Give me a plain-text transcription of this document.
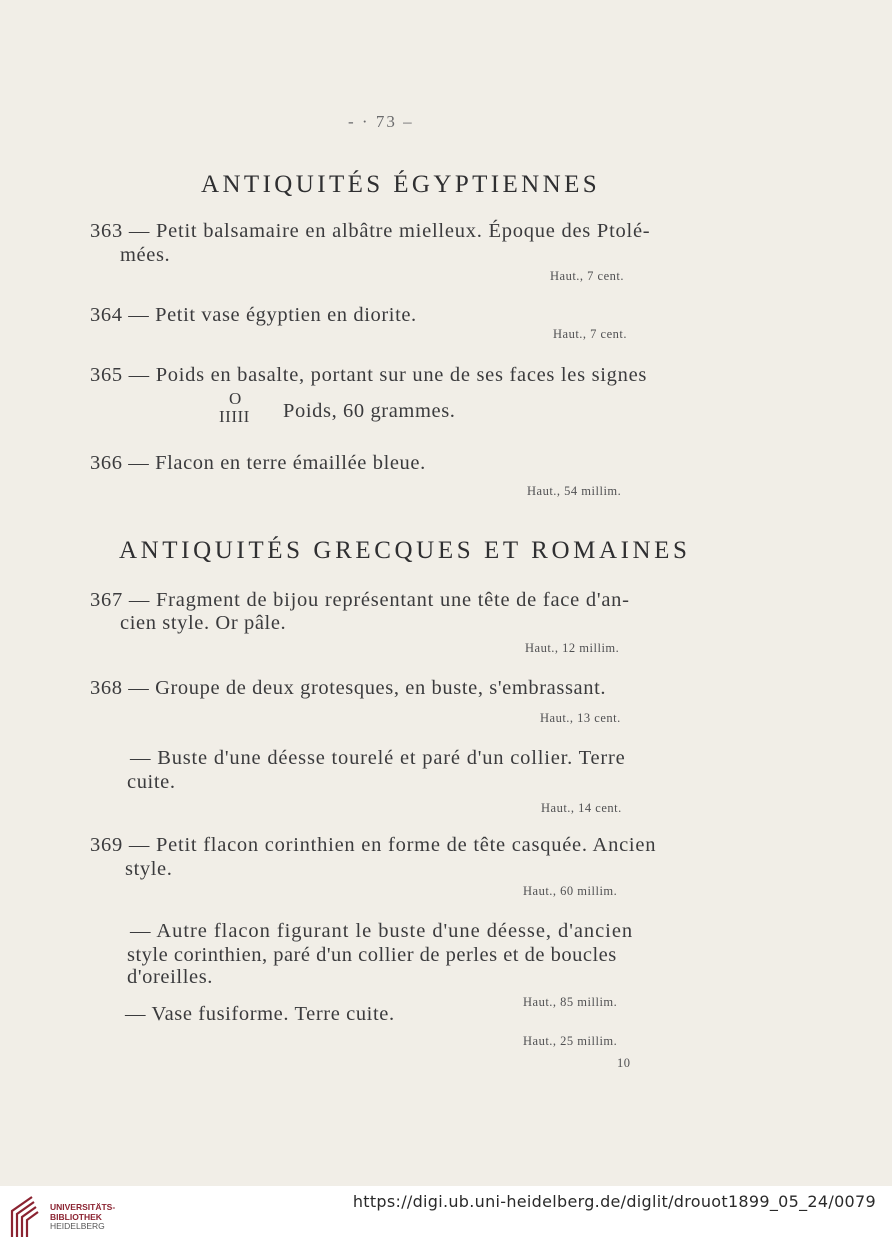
- · 73 –
ANTIQUITÉS ÉGYPTIENNES
363 — Petit balsamaire en albâtre mielleux. Époque des Ptolé-
mées.
Haut., 7 cent.
364 — Petit vase égyptien en diorite.
Haut., 7 cent.
365 — Poids en basalte, portant sur une de ses faces les signes
O
IIIII Poids, 60 grammes.
366 — Flacon en terre émaillée bleue.
Haut., 54 millim.
ANTIQUITÉS GRECQUES ET ROMAINES
367 — Fragment de bijou représentant une tête de face d'an-
cien style. Or pâle.
Haut., 12 millim.
368 — Groupe de deux grotesques, en buste, s'embrassant.
Haut., 13 cent.
— Buste d'une déesse tourelé et paré d'un collier. Terre
cuite.
Haut., 14 cent.
369 — Petit flacon corinthien en forme de tête casquée. Ancien
style.
Haut., 60 millim.
— Autre flacon figurant le buste d'une déesse, d'ancien
style corinthien, paré d'un collier de perles et de boucles
d'oreilles.
Haut., 85 millim.
— Vase fusiforme. Terre cuite.
Haut., 25 millim.
10
UNIVERSITÄTS-
BIBLIOTHEK
HEIDELBERG
https://digi.ub.uni-heidelberg.de/diglit/drouot1899_05_24/0079
